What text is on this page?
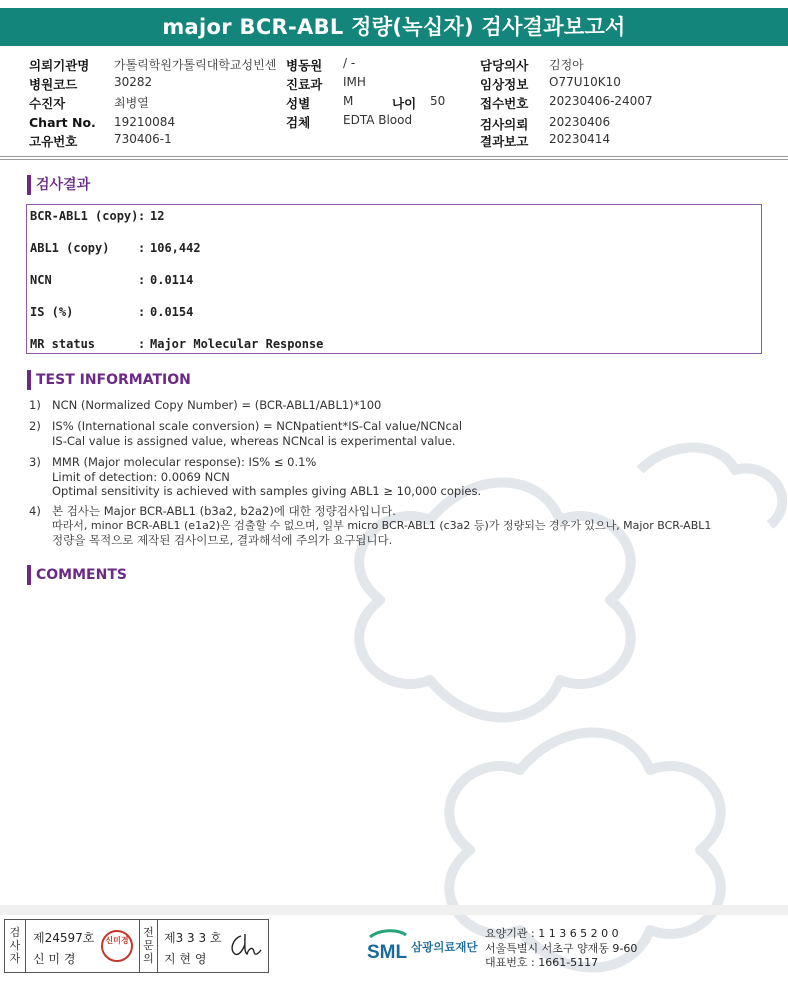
major BCR-ABL 정량(녹십자) 검사결과보고서
의뢰기관명 가톨릭학원가톨릭대학교성빈센
병원코드	30282
수진자	최병열
Chart No. 19210084
고유번호	730406-1
병동원 / -
진료과 IMH
성별	M	나이 50
검체	EDTA Blood
담당의사 김정아
임상정보 O77U10K10
접수번호 20230406-24007
검사의뢰 20230406
결과보고 20230414
검사결과
BCR-ABL1 (copy): 12
ABL1 (copy) : 106,442
NCN	: 0.0114
IS (%)	: 0.0154
MR status	: Major Molecular Response
TEST INFORMATION
1) NCN (Normalized Copy Number) = (BCR-ABL1/ABL1)*100
2) IS% (International scale conversion) = NCNpatient*IS-Cal value/NCNcal
IS-Cal value is assigned value, whereas NCNcal is experimental value.
3) MMR (Major molecular response): IS% ≤ 0.1%
Limit of detection: 0.0069 NCN
Optimal sensitivity is achieved with samples giving ABL1 ≥ 10,000 copies.
4) 본 검사는 Major BCR-ABL1 (b3a2, b2a2)에 대한 정량검사입니다.
따라서, minor BCR-ABL1 (e1a2)은 검출할 수 없으며, 일부 micro BCR-ABL1 (c3a2 등)가 정량되는 경우가 있으나, Major BCR-ABL1
정량을 목적으로 제작된 검사이므로, 결과해석에 주의가 요구됩니다.
COMMENTS
검사자
제24597호
신 미 경
신미경
전문의
제3 3 3 호
지 현 영	SML 삼광의료재단
요양기관 : 1 1 3 6 5 2 0 0
서울특별시 서초구 양재동 9-60
대표번호 : 1661-5117
